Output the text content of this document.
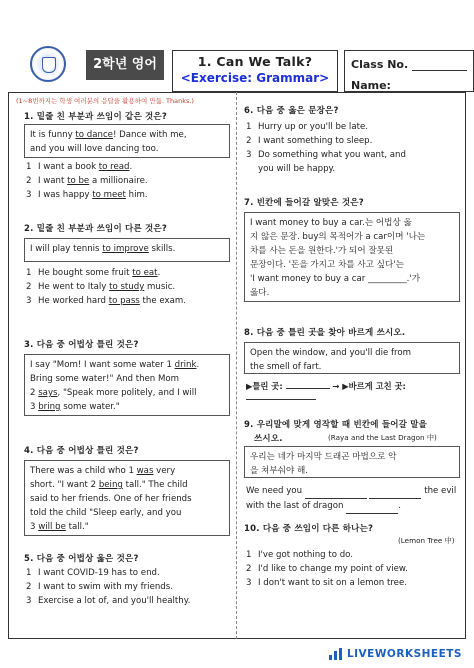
2학년 영어	1. Can We Talk?
<Exercise: Grammar>
Class No.
Name:
(1~8번까지는 학생 여러분의 응답을 활용하여 만듦. Thanks.)
1. 밑줄 친 부분과 쓰임이 같은 것은?
It is funny to dance! Dance with me,
and you will love dancing too.
1 I want a book to read.
2 I want to be a millionaire.
3 I was happy to meet him.
2. 밑줄 친 부분과 쓰임이 다른 것은?
I will play tennis to improve skills.
1 He bought some fruit to eat.
2 He went to Italy to study music.
3 He worked hard to pass the exam.
3. 다음 중 어법상 틀린 것은?
I say "Mom! I want some water 1 drink.
Bring some water!" And then Mom
2 says, "Speak more politely, and I will
3 bring some water."
4. 다음 중 어법상 틀린 것은?
There was a child who 1 was very
short. "I want 2 being tall." The child
said to her friends. One of her friends
told the child "Sleep early, and you
3 will be tall."
5. 다음 중 어법상 옳은 것은?
1 I want COVID-19 has to end.
2 I want to swim with my friends.
3 Exercise a lot of, and you'll healthy.
6. 다음 중 옳은 문장은?
1 Hurry up or you'll be late.
2 I want something to sleep.
3 Do something what you want, and
you will be happy.
7. 빈칸에 들어갈 알맞은 것은?
I want money to buy a car.는 어법상 옳
지 않은 문장. buy의 목적어가 a car이며 '나는
차를 사는 돈을 원한다.'가 되어 잘못된
문장이다. '돈을 가지고 차를 사고 싶다'는
'I want money to buy a car _________.'가
옳다.
8. 다음 중 틀린 곳을 찾아 바르게 쓰시오.
Open the window, and you'll die from
the smell of fart.
▶틀린 곳:	→ ▶바르게 고친 곳:
9. 우리말에 맞게 영작할 때 빈칸에 들어갈 말을
쓰시오.	(Raya and the Last Dragon 中)
우리는 네가 마지막 드래곤 마법으로 악
을 쳐부숴야 해.
We need you	the evil
with the last of dragon	.
10. 다음 중 쓰임이 다른 하나는?
(Lemon Tree 中)
1 I've got nothing to do.
2 I'd like to change my point of view.
3 I don't want to sit on a lemon tree.
LIVEWORKSHEETS
